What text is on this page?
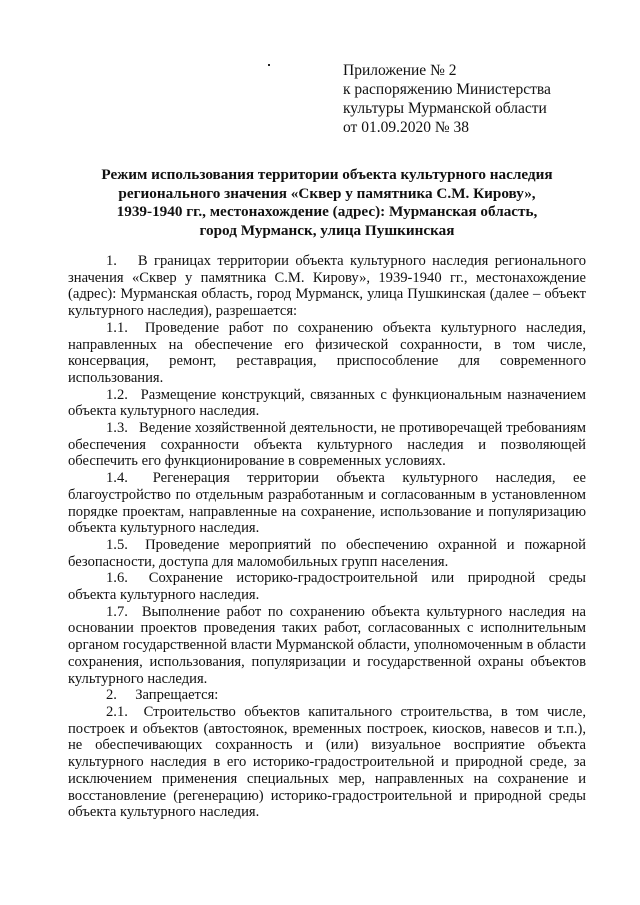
Приложение № 2
к распоряжению Министерства
культуры Мурманской области
от 01.09.2020 № 38
Режим использования территории объекта культурного наследия
регионального значения «Сквер у памятника С.М. Кирову»,
1939-1940 гг., местонахождение (адрес): Мурманская область,
город Мурманск, улица Пушкинская

1.  В границах территории объекта культурного наследия регионального значения «Сквер у памятника С.М. Кирову», 1939-1940 гг., местонахождение (адрес): Мурманская область, город Мурманск, улица Пушкинская (далее – объект культурного наследия), разрешается:

1.1.  Проведение работ по сохранению объекта культурного наследия, направленных на обеспечение его физической сохранности, в том числе, консервация, ремонт, реставрация, приспособление для современного использования.

1.2.  Размещение конструкций, связанных с функциональным назначением объекта культурного наследия.

1.3.  Ведение хозяйственной деятельности, не противоречащей требованиям обеспечения сохранности объекта культурного наследия и позволяющей обеспечить его функционирование в современных условиях.

1.4.  Регенерация территории объекта культурного наследия, ее благоустройство по отдельным разработанным и согласованным в установленном порядке проектам, направленные на сохранение, использование и популяризацию объекта культурного наследия.

1.5.  Проведение мероприятий по обеспечению охранной и пожарной безопасности, доступа для маломобильных групп населения.

1.6.  Сохранение историко-градостроительной или природной среды объекта культурного наследия.

1.7.  Выполнение работ по сохранению объекта культурного наследия на основании проектов проведения таких работ, согласованных с исполнительным органом государственной власти Мурманской области, уполномоченным в области сохранения, использования, популяризации и государственной охраны объектов культурного наследия.

2.  Запрещается:

2.1.  Строительство объектов капитального строительства, в том числе, построек и объектов (автостоянок, временных построек, киосков, навесов и т.п.), не обеспечивающих сохранность и (или) визуальное восприятие объекта культурного наследия в его историко-градостроительной и природной среде, за исключением применения специальных мер, направленных на сохранение и восстановление (регенерацию) историко-градостроительной и природной среды объекта культурного наследия.
